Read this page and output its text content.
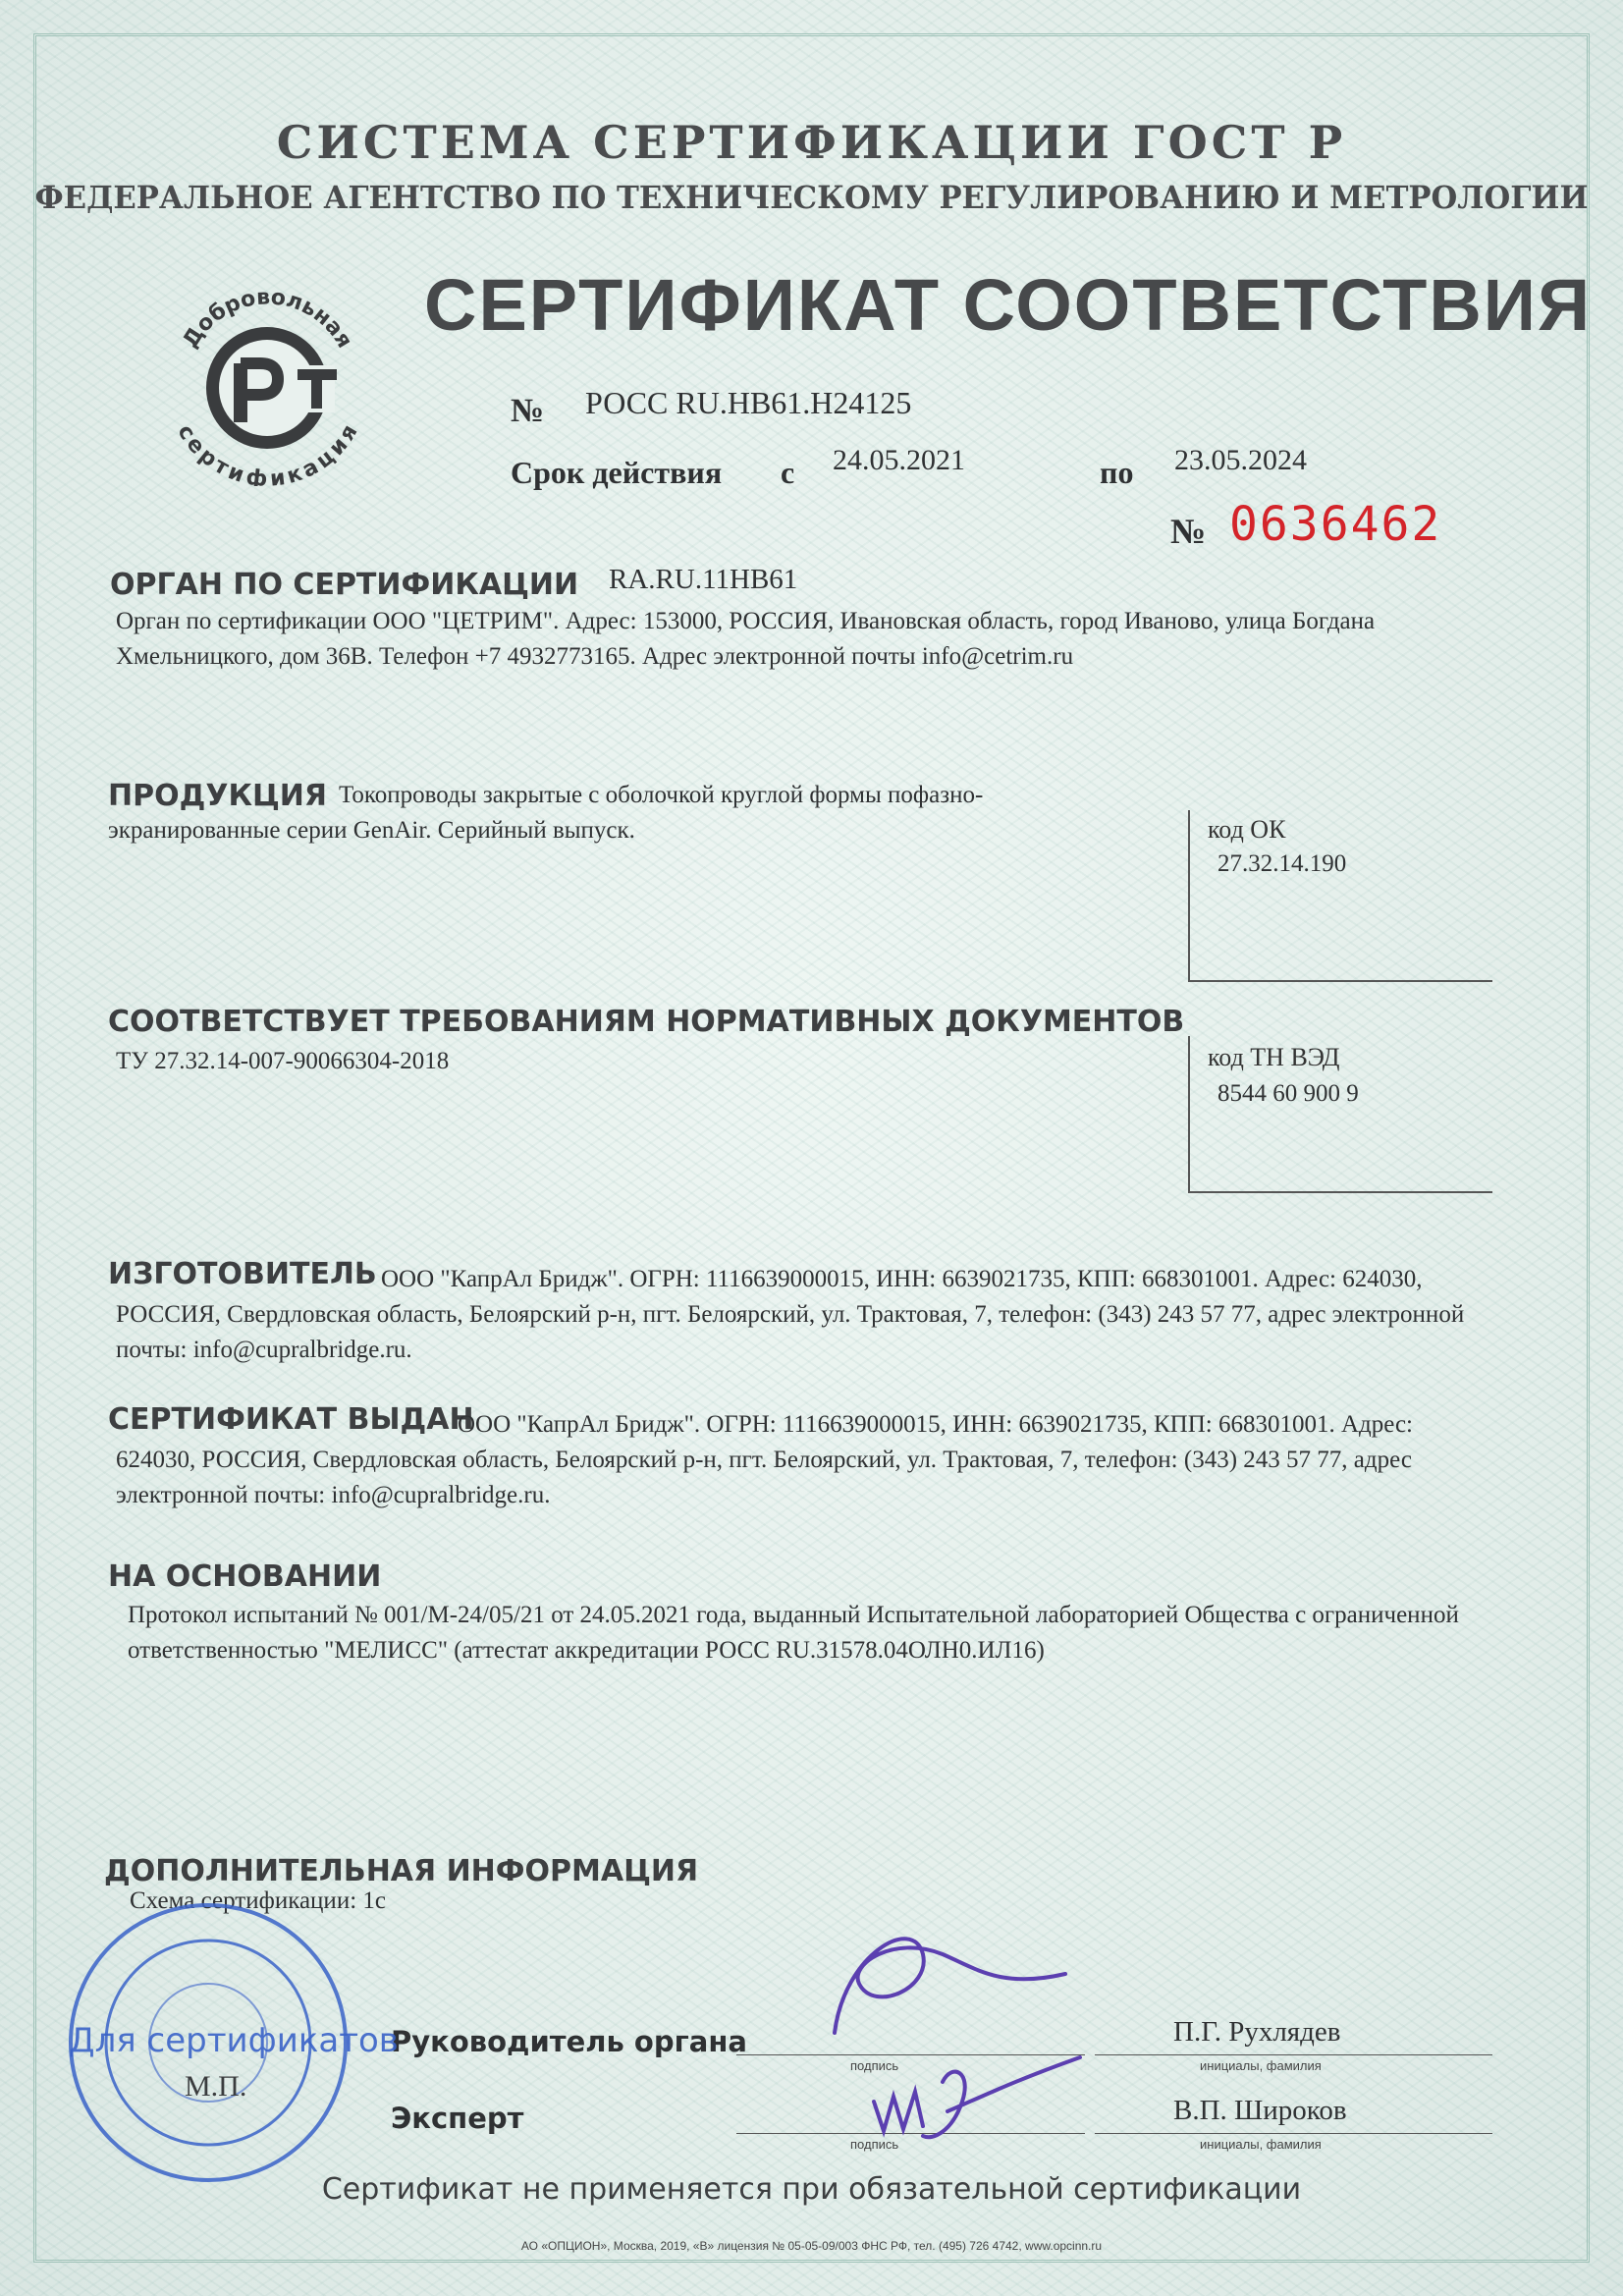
СИСТЕМА СЕРТИФИКАЦИИ ГОСТ Р
ФЕДЕРАЛЬНОЕ АГЕНТСТВО ПО ТЕХНИЧЕСКОМУ РЕГУЛИРОВАНИЮ И МЕТРОЛОГИИ
СЕРТИФИКАТ СООТВЕТСТВИЯ
Добровольная
сертификация
№ РОСС RU.НВ61.Н24125
Срок действия с 24.05.2021	по 23.05.2024
№ 0636462
ОРГАН ПО СЕРТИФИКАЦИИ RA.RU.11НВ61
Орган по сертификации ООО "ЦЕТРИМ". Адрес: 153000, РОССИЯ, Ивановская область, город Иваново, улица Богдана Хмельницкого, дом 36В. Телефон +7 4932773165. Адрес электронной почты info@cetrim.ru
ПРОДУКЦИЯ Токопроводы закрытые с оболочкой круглой формы пофазно-экранированные серии GenAir. Серийный выпуск.	код ОК
27.32.14.190
СООТВЕТСТВУЕТ ТРЕБОВАНИЯМ НОРМАТИВНЫХ ДОКУМЕНТОВ
ТУ 27.32.14-007-90066304-2018	код ТН ВЭД
8544 60 900 9
ИЗГОТОВИТЕЛЬ ООО "КапрАл Бридж". ОГРН: 1116639000015, ИНН: 6639021735, КПП: 668301001. Адрес: 624030, РОССИЯ, Свердловская область, Белоярский р-н, пгт. Белоярский, ул. Трактовая, 7, телефон: (343) 243 57 77, адрес электронной почты: info@cupralbridge.ru.
СЕРТИФИКАТ ВЫДАН
ООО "КапрАл Бридж". ОГРН: 1116639000015, ИНН: 6639021735, КПП: 668301001. Адрес: 624030, РОССИЯ, Свердловская область, Белоярский р-н, пгт. Белоярский, ул. Трактовая, 7, телефон: (343) 243 57 77, адрес электронной почты: info@cupralbridge.ru.
НА ОСНОВАНИИ
Протокол испытаний № 001/М-24/05/21 от 24.05.2021 года, выданный Испытательной лабораторией Общества с ограниченной ответственностью "МЕЛИСС" (аттестат аккредитации РОСС RU.31578.04ОЛН0.ИЛ16)
ДОПОЛНИТЕЛЬНАЯ ИНФОРМАЦИЯ
Схема сертификации: 1с
Руководитель органа
подпись
П.Г. Рухлядев
инициалы, фамилия
Эксперт
подпись
В.П. Широков
инициалы, фамилия
Для сертификатов
М.П.
Сертификат не применяется при обязательной сертификации
АО «ОПЦИОН», Москва, 2019, «В» лицензия № 05-05-09/003 ФНС РФ, тел. (495) 726 4742, www.opcinn.ru
